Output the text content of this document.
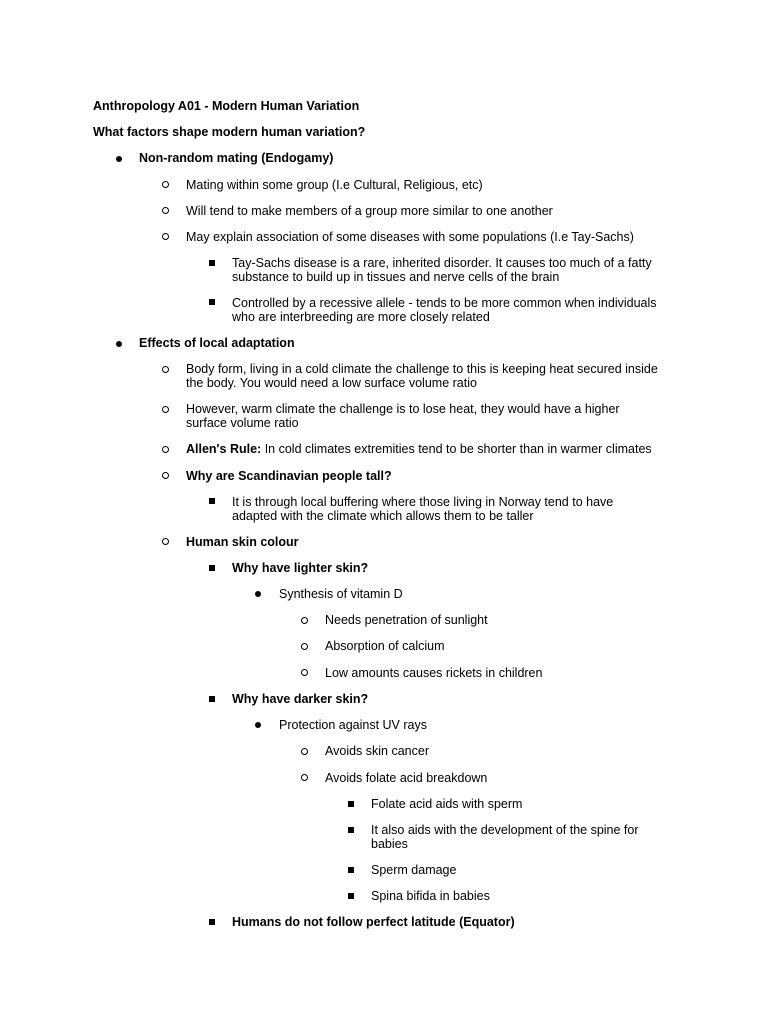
Anthropology A01 - Modern Human Variation
What factors shape modern human variation?
Non-random mating (Endogamy)
Mating within some group (I.e Cultural, Religious, etc)
Will tend to make members of a group more similar to one another
May explain association of some diseases with some populations (I.e Tay-Sachs)
Tay-Sachs disease is a rare, inherited disorder. It causes too much of a fatty
substance to build up in tissues and nerve cells of the brain
Controlled by a recessive allele - tends to be more common when individuals
who are interbreeding are more closely related
Effects of local adaptation
Body form, living in a cold climate the challenge to this is keeping heat secured inside
the body. You would need a low surface volume ratio
However, warm climate the challenge is to lose heat, they would have a higher
surface volume ratio
Allen's Rule: In cold climates extremities tend to be shorter than in warmer climates
Why are Scandinavian people tall?
It is through local buffering where those living in Norway tend to have
adapted with the climate which allows them to be taller
Human skin colour
Why have lighter skin?
Synthesis of vitamin D
Needs penetration of sunlight
Absorption of calcium
Low amounts causes rickets in children
Why have darker skin?
Protection against UV rays
Avoids skin cancer
Avoids folate acid breakdown
Folate acid aids with sperm
It also aids with the development of the spine for
babies
Sperm damage
Spina bifida in babies
Humans do not follow perfect latitude (Equator)
